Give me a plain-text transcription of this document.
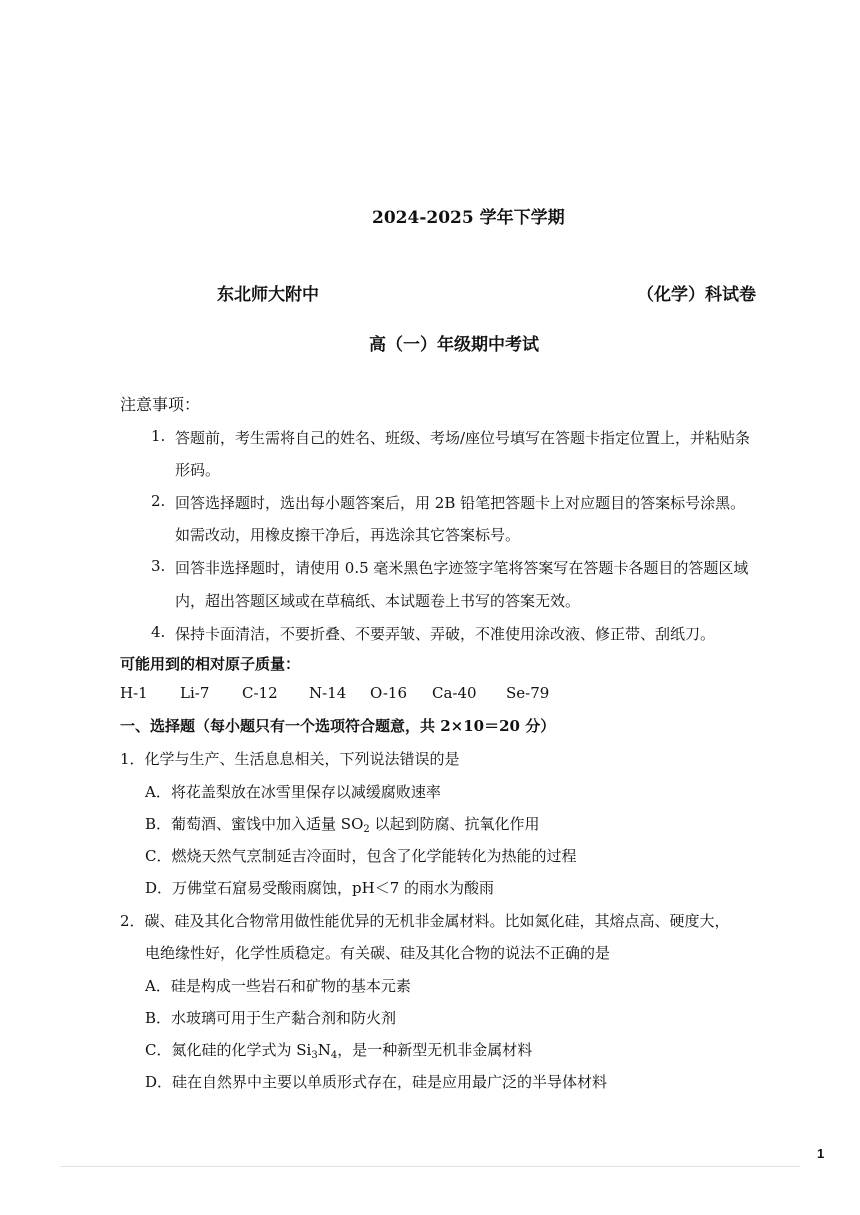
2024-2025 学年下学期
东北师大附中	（化学）科试卷
高（一）年级期中考试
注意事项：
1. 答题前，考生需将自己的姓名、班级、考场/座位号填写在答题卡指定位置上，并粘贴条
形码。
2. 回答选择题时，选出每小题答案后，用 2B 铅笔把答题卡上对应题目的答案标号涂黑。
如需改动，用橡皮擦干净后，再选涂其它答案标号。
3. 回答非选择题时，请使用 0.5 毫米黑色字迹签字笔将答案写在答题卡各题目的答题区域
内，超出答题区域或在草稿纸、本试题卷上书写的答案无效。
4. 保持卡面清洁，不要折叠、不要弄皱、弄破，不准使用涂改液、修正带、刮纸刀。
可能用到的相对原子质量：
H-1 Li-7 C-12 N-14 O-16 Ca-40 Se-79
一、选择题（每小题只有一个选项符合题意，共 2×10＝20 分）
1．化学与生产、生活息息相关，下列说法错误的是
A．将花盖梨放在冰雪里保存以减缓腐败速率
B．葡萄酒、蜜饯中加入适量 $SO_2$ 以起到防腐、抗氧化作用
C．燃烧天然气烹制延吉冷面时，包含了化学能转化为热能的过程
D．万佛堂石窟易受酸雨腐蚀，pH＜7 的雨水为酸雨
2．碳、硅及其化合物常用做性能优异的无机非金属材料。比如氮化硅，其熔点高、硬度大，
电绝缘性好，化学性质稳定。有关碳、硅及其化合物的说法不正确的是
A．硅是构成一些岩石和矿物的基本元素
B．水玻璃可用于生产黏合剂和防火剂
C．氮化硅的化学式为 $Si_3N_4$，是一种新型无机非金属材料
D．硅在自然界中主要以单质形式存在，硅是应用最广泛的半导体材料
1
